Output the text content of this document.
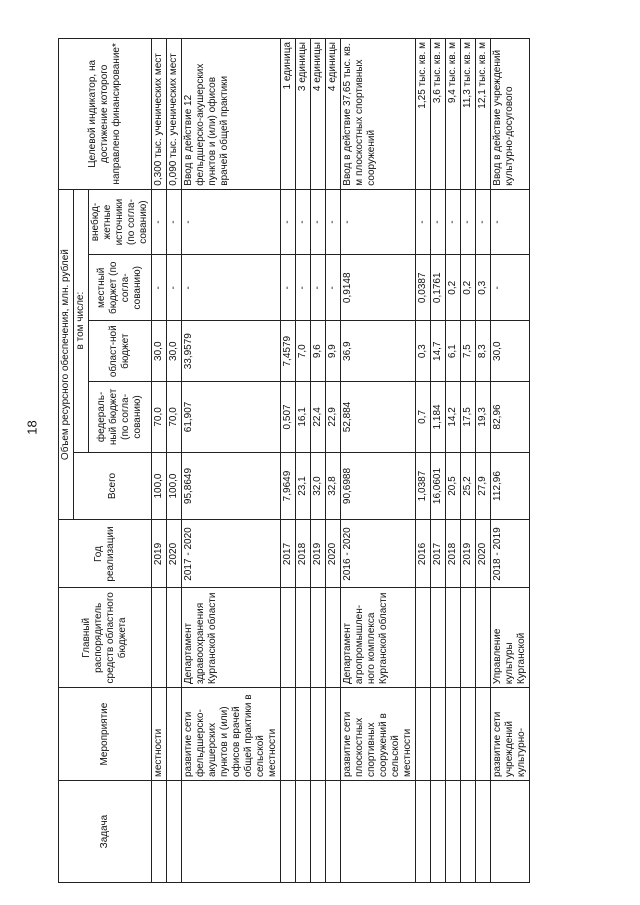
18
Задача	Мероприятие	Главный распорядитель средств областного бюджета	Год реализации	Объем ресурсного обеспечения, млн. рублей					Целевой индикатор, на достижение которого направлено финансирование*
				Всего	в том числе:				
					федераль-ный бюджет (по согла-сованию)	област-ной бюджет	местный бюджет (по согла-сованию)	внебюд-жетные источники (по согла-сованию)	
	местности		2019	100,0	70,0	30,0	-	-	0,300 тыс. ученических мест
			2020	100,0	70,0	30,0	-	-	0,090 тыс. ученических мест
	развитие сети фельдшерско-акушерских пунктов и (или) офисов врачей общей практики в сельской местности	Департамент здравоохранения Курганской области	2017 - 2020	95,8649	61,907	33,9579	-	-	Ввод в действие 12 фельдшерско-акушерских пунктов и (или) офисов врачей общей практики
			2017	7,9649	0,507	7,4579	-	-	1 единица
			2018	23,1	16,1	7,0	-	-	3 единицы
			2019	32,0	22,4	9,6	-	-	4 единицы
			2020	32,8	22,9	9,9	-	-	4 единицы
	развитие сети плоскостных спортивных сооружений в сельской местности	Департамент агропромышлен-ного комплекса Курганской области	2016 - 2020	90,6988	52,884	36,9	0,9148	-	Ввод в действие 37,65 тыс. кв. м плоскостных спортивных сооружений
			2016	1,0387	0,7	0,3	0,0387	-	1,25 тыс. кв. м
			2017	16,0601	1,184	14,7	0,1761	-	3,6 тыс. кв. м
			2018	20,5	14,2	6,1	0,2	-	9,4 тыс. кв. м
			2019	25,2	17,5	7,5	0,2	-	11,3 тыс. кв. м
			2020	27,9	19,3	8,3	0,3	-	12,1 тыс. кв. м
	развитие сети учреждений культурно-	Управление культуры Курганской	2018 - 2019	112,96	82,96	30,0	-	-	Ввод в действие учреждений культурно-досугового
